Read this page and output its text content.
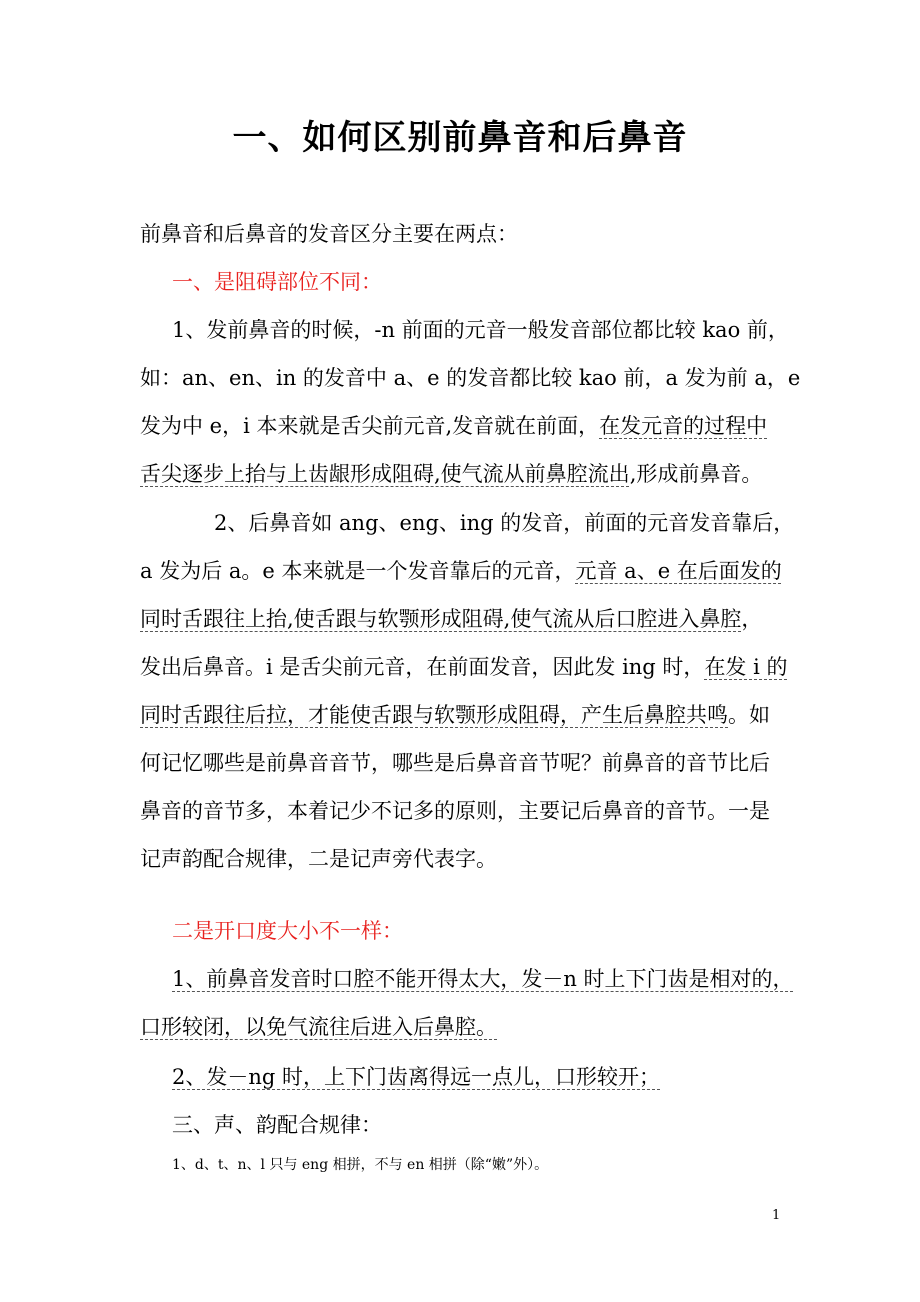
一、如何区别前鼻音和后鼻音
前鼻音和后鼻音的发音区分主要在两点：
一、是阻碍部位不同：
1、发前鼻音的时候，-n 前面的元音一般发音部位都比较 kao 前，
如：an、en、in 的发音中 a、e 的发音都比较 kao 前，a 发为前 a，e
发为中 e，i 本来就是舌尖前元音,发音就在前面，在发元音的过程中
舌尖逐步上抬与上齿龈形成阻碍,使气流从前鼻腔流出,形成前鼻音。
2、后鼻音如 ang、eng、ing 的发音，前面的元音发音靠后，
a 发为后 a。e 本来就是一个发音靠后的元音，元音 a、e 在后面发的
同时舌跟往上抬,使舌跟与软颚形成阻碍,使气流从后口腔进入鼻腔，
发出后鼻音。i 是舌尖前元音，在前面发音，因此发 ing 时，在发 i 的
同时舌跟往后拉，才能使舌跟与软颚形成阻碍，产生后鼻腔共鸣。如
何记忆哪些是前鼻音音节，哪些是后鼻音音节呢？前鼻音的音节比后
鼻音的音节多，本着记少不记多的原则，主要记后鼻音的音节。一是
记声韵配合规律，二是记声旁代表字。
二是开口度大小不一样：
1、前鼻音发音时口腔不能开得太大，发－n 时上下门齿是相对的，
口形较闭，以免气流往后进入后鼻腔。
2、发－ng 时，上下门齿离得远一点儿，口形较开；
三、声、韵配合规律：
1、d、t、n、l 只与 eng 相拼，不与 en 相拼（除“嫩”外）。
1
